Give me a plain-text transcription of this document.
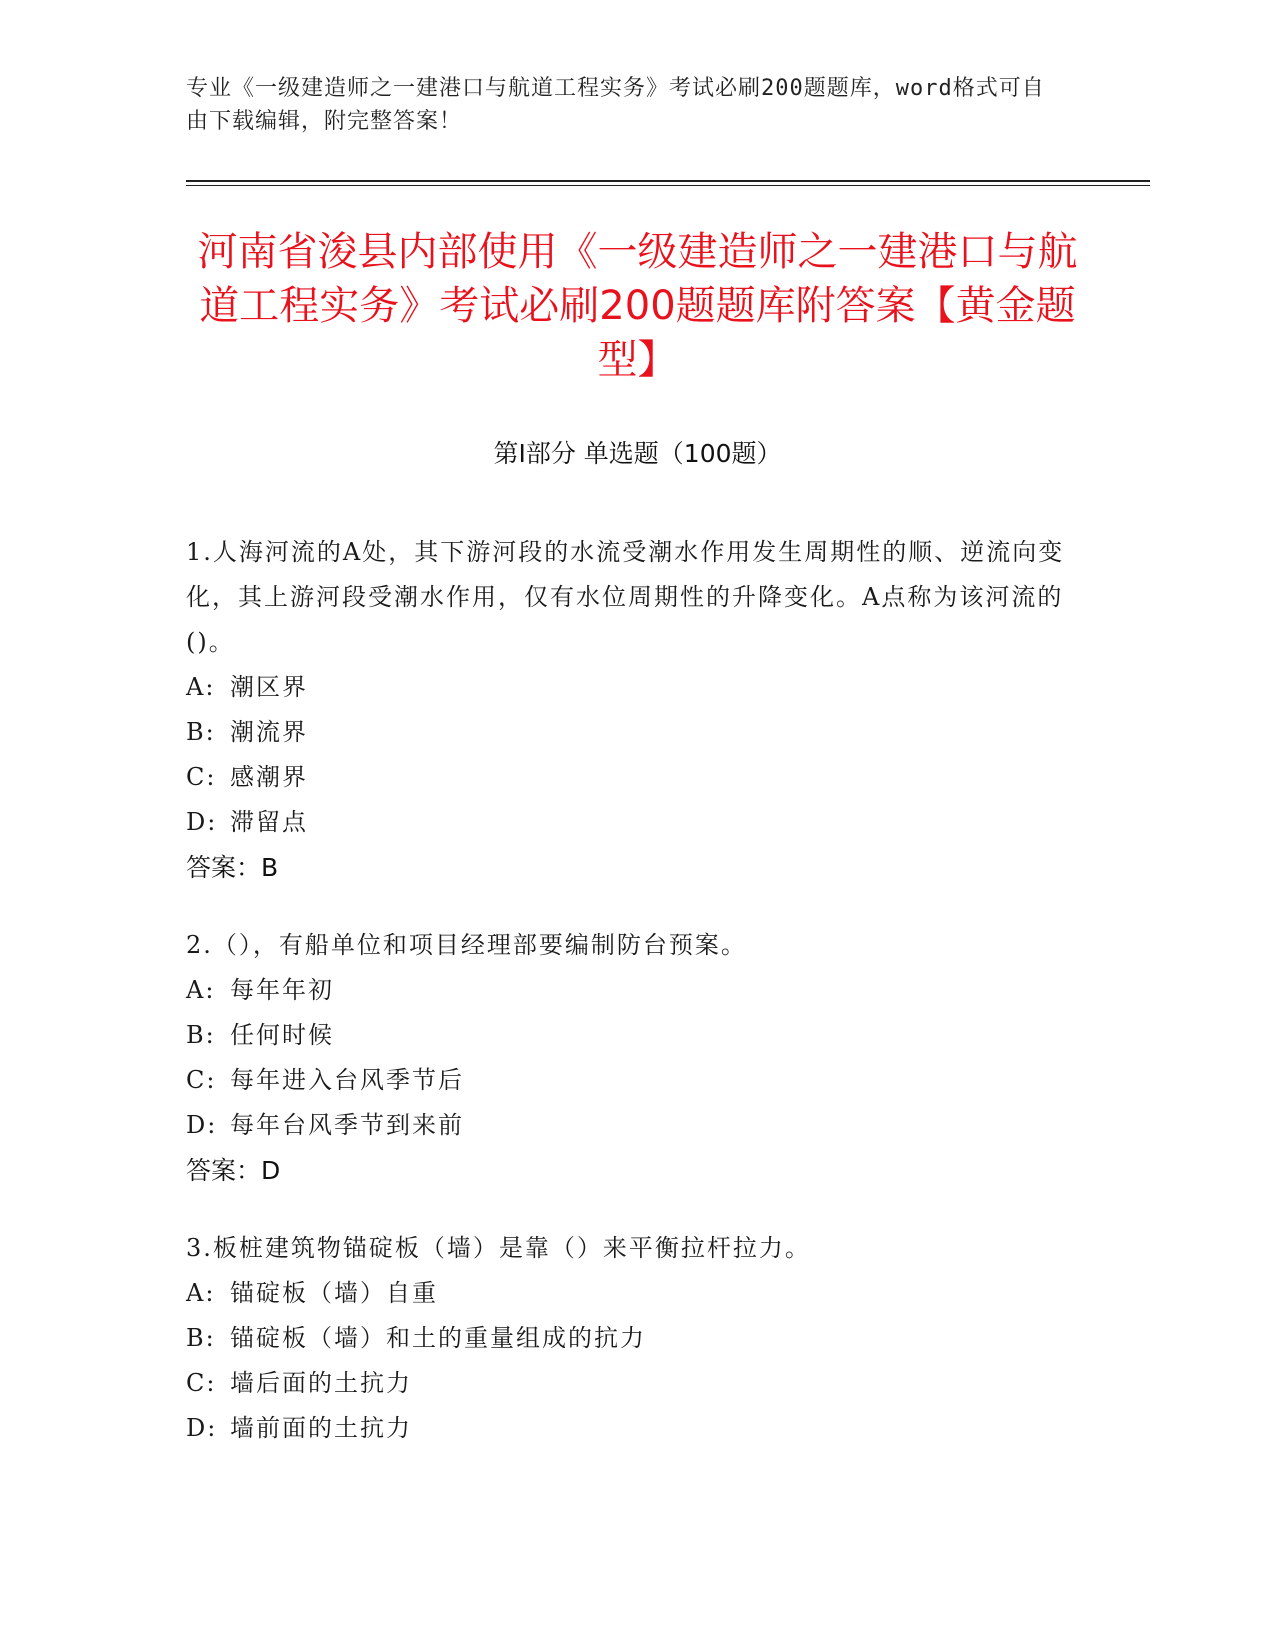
专业《一级建造师之一建港口与航道工程实务》考试必刷200题题库，word格式可自由下载编辑，附完整答案！
河南省浚县内部使用《一级建造师之一建港口与航道工程实务》考试必刷200题题库附答案【黄金题型】
第Ⅰ部分 单选题（100题）
1.人海河流的A处，其下游河段的水流受潮水作用发生周期性的顺、逆流向变化，其上游河段受潮水作用，仅有水位周期性的升降变化。A点称为该河流的()。
A: 潮区界
B: 潮流界
C: 感潮界
D: 滞留点
答案：B
2.（），有船单位和项目经理部要编制防台预案。
A: 每年年初
B: 任何时候
C: 每年进入台风季节后
D: 每年台风季节到来前
答案：D
3.板桩建筑物锚碇板（墙）是靠（）来平衡拉杆拉力。
A: 锚碇板（墙）自重
B: 锚碇板（墙）和土的重量组成的抗力
C: 墙后面的土抗力
D: 墙前面的土抗力
